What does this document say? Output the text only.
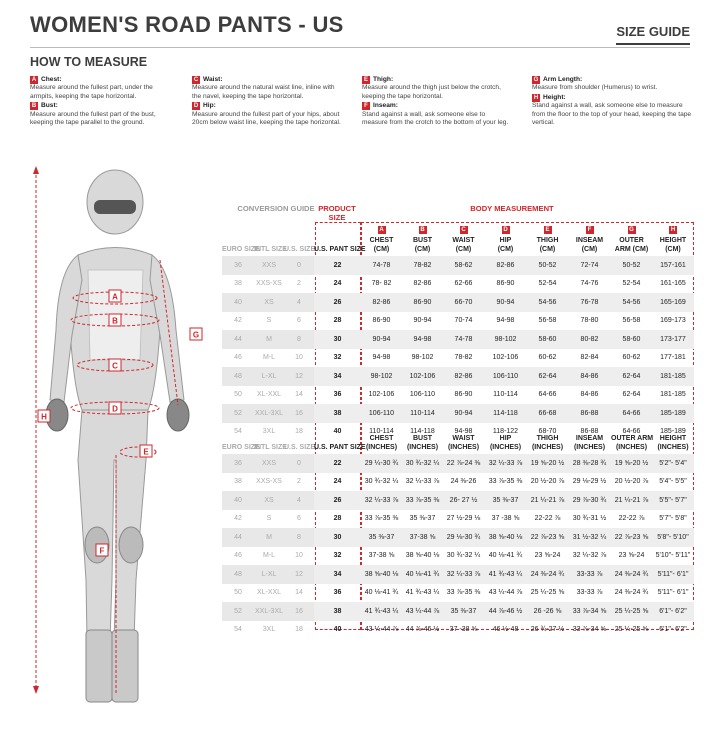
WOMEN'S ROAD PANTS - US	SIZE GUIDE
HOW TO MEASURE
A Chest:
Measure around the fullest part, under the armpits, keeping the tape horizontal.
B Bust:
Measure around the fullest part of the bust, keeping the tape parallel to the ground.
C Waist:
Measure around the natural waist line, inline with the navel, keeping the tape horizontal.
D Hip:
Measure around the fullest part of your hips, about 20cm below waist line, keeping the tape horizontal.
E Thigh:
Measure around the thigh just below the crotch, keeping the tape horizontal.
F Inseam:
Stand against a wall, ask someone else to measure from the crotch to the bottom of your leg.
G Arm Length:
Measure from shoulder (Humerus) to wrist.
H Height:
Stand against a wall, ask someone else to measure from the floor to the top of your head, keeping the tape vertical.
A
B
C
D
E
F
G
H
CONVERSION GUIDE PRODUCT SIZE
BODY MEASUREMENT
EURO SIZE	INTL SIZE	U.S. SIZE	U.S. PANT SIZE	A
CHEST
(CM)	B
BUST
(CM)	C
WAIST
(CM)	D
HIP
(CM)	E
THIGH
(CM)	F
INSEAM
(CM)	G
OUTER
ARM (CM)	H
HEIGHT
(CM)
36	XXS	0	22	74-78	78-82	58-62	82-86	50-52	72-74	50-52	157-161
38	XXS-XS	2	24	78- 82	82-86	62-66	86-90	52-54	74-76	52-54	161-165
40	XS	4	26	82-86	86-90	66-70	90-94	54-56	76-78	54-56	165-169
42	S	6	28	86-90	90-94	70-74	94-98	56-58	78-80	56-58	169-173
44	M	8	30	90-94	94-98	74-78	98-102	58-60	80-82	58-60	173-177
46	M-L	10	32	94-98	98-102	78-82	102-106	60-62	82-84	60-62	177-181
48	L-XL	12	34	98-102	102-106	82-86	106-110	62-64	84-86	62-64	181-185
50	XL-XXL	14	36	102-106	106-110	86-90	110-114	64-66	84-86	62-64	181-185
52	XXL-3XL	16	38	106-110	110-114	90-94	114-118	66-68	86-88	64-66	185-189
54	3XL	18	40	110-114	114-118	94-98	118-122	68-70	86-88	64-66	185-189
EURO SIZE	INTL SIZE	U.S. SIZE	U.S. PANT SIZE	CHEST
(INCHES)	BUST
(INCHES)	WAIST
(INCHES)	HIP
(INCHES)	THIGH
(INCHES)	INSEAM
(INCHES)	OUTER ARM
(INCHES)	HEIGHT
(INCHES)
36	XXS	0	22	29 ¼-30 ¾	30 ¾-32 ¼	22 ⅞-24 ⅜	32 ¼-33 ⅞	19 ⅝-20 ½	28 ⅜-28 ¾	19 ⅝-20 ½	5'2"- 5'4"
38	XXS-XS	2	24	30 ¾-32 ¼	32 ¼-33 ⅞	24 ⅜-26	33 ⅞-35 ⅜	20 ½-20 ⅞	29 ⅛-29 ½	20 ½-20 ⅞	5'4"- 5'5"
40	XS	4	26	32 ¼-33 ⅞	33 ⅞-35 ⅜	26- 27 ½	35 ⅜-37	21 ¼-21 ⅞	29 ⅞-30 ¾	21 ¼-21 ⅞	5'5"- 5'7"
42	S	6	28	33 ⅞-35 ⅜	35 ⅜-37	27 ½-29 ⅛	37 -38 ⅝	22-22 ⅞	30 ¾-31 ½	22-22 ⅞	5'7"- 5'8"
44	M	8	30	35 ⅜-37	37-38 ⅝	29 ⅛-30 ¾	38 ⅝-40 ⅛	22 ⅞-23 ⅝	31 ½-32 ¼	22 ⅞-23 ⅝	5'8"- 5'10"
46	M-L	10	32	37-38 ⅝	38 ⅝-40 ⅛	30 ¾-32 ¼	40 ⅛-41 ¾	23 ⅝-24	32 ¼-32 ⅞	23 ⅝-24	5'10"- 5'11"
48	L-XL	12	34	38 ⅝-40 ⅛	40 ⅛-41 ¾	32 ¼-33 ⅞	41 ¾-43 ¼	24 ⅜-24 ¾	33-33 ⅞	24 ⅜-24 ¾	5'11"- 6'1"
50	XL-XXL	14	36	40 ⅛-41 ¾	41 ¾-43 ¼	33 ⅞-35 ⅜	43 ¼-44 ⅞	25 ¼-25 ⅝	33-33 ⅞	24 ⅜-24 ¾	5'11"- 6'1"
52	XXL-3XL	16	38	41 ¾-43 ¼	43 ¼-44 ⅞	35 ⅜-37	44 ⅞-46 ½	26 -26 ⅝	33 ⅞-34 ⅝	25 ¼-25 ⅝	6'1"- 6'2"
54	3XL	18	40	43 ¼-44 ⅞	44 ⅞-46 ½	37 -38 ⅝	46 ½-48	26 ¾-27 ½	33 ⅞-34 ⅝	25 ¼-25 ⅝	6'1"- 6'2"
